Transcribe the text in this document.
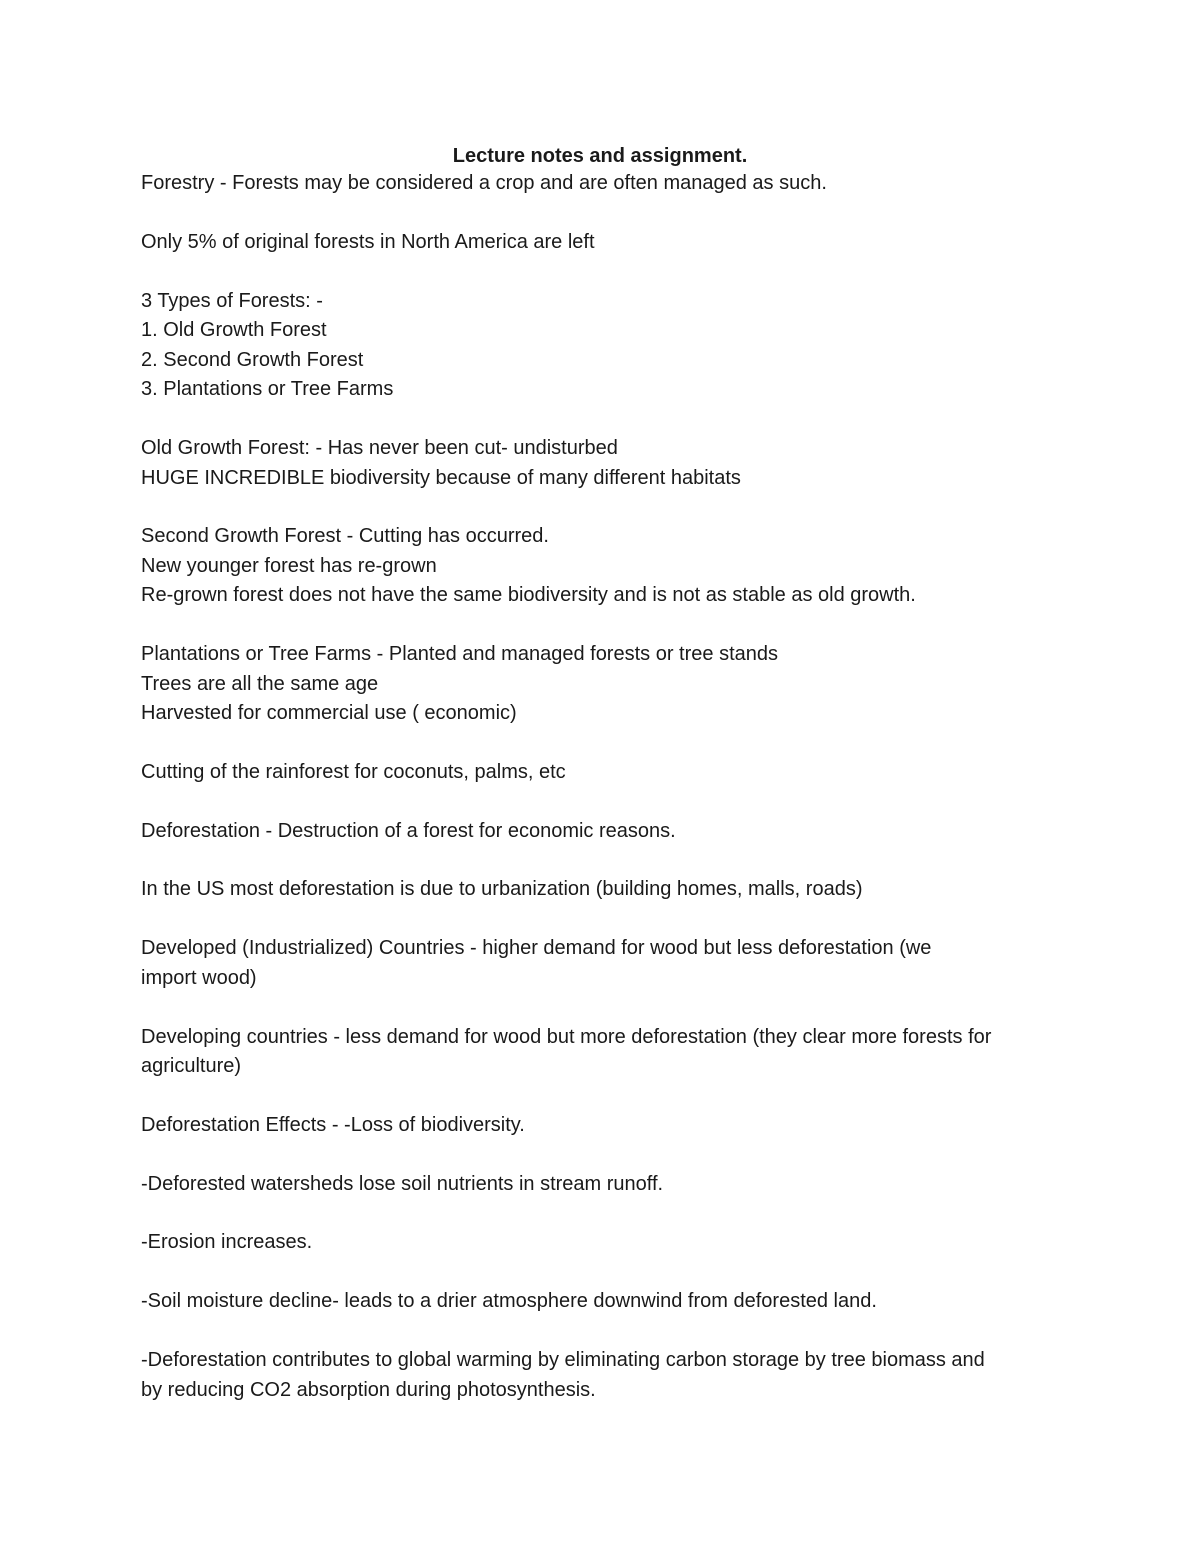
Lecture notes and assignment.
Forestry - Forests may be considered a crop and are often managed as such.
Only 5% of original forests in North America are left
3 Types of Forests: -
1. Old Growth Forest
2. Second Growth Forest
3. Plantations or Tree Farms
Old Growth Forest: - Has never been cut- undisturbed
HUGE INCREDIBLE biodiversity because of many different habitats
Second Growth Forest - Cutting has occurred.
New younger forest has re-grown
Re-grown forest does not have the same biodiversity and is not as stable as old growth.
Plantations or Tree Farms - Planted and managed forests or tree stands
Trees are all the same age
Harvested for commercial use ( economic)
Cutting of the rainforest for coconuts, palms, etc
Deforestation - Destruction of a forest for economic reasons.
In the US most deforestation is due to urbanization (building homes, malls, roads)
Developed (Industrialized) Countries - higher demand for wood but less deforestation (we
import wood)
Developing countries - less demand for wood but more deforestation (they clear more forests for
agriculture)
Deforestation Effects - -Loss of biodiversity.
-Deforested watersheds lose soil nutrients in stream runoff.
-Erosion increases.
-Soil moisture decline- leads to a drier atmosphere downwind from deforested land.
-Deforestation contributes to global warming by eliminating carbon storage by tree biomass and
by reducing CO2 absorption during photosynthesis.
